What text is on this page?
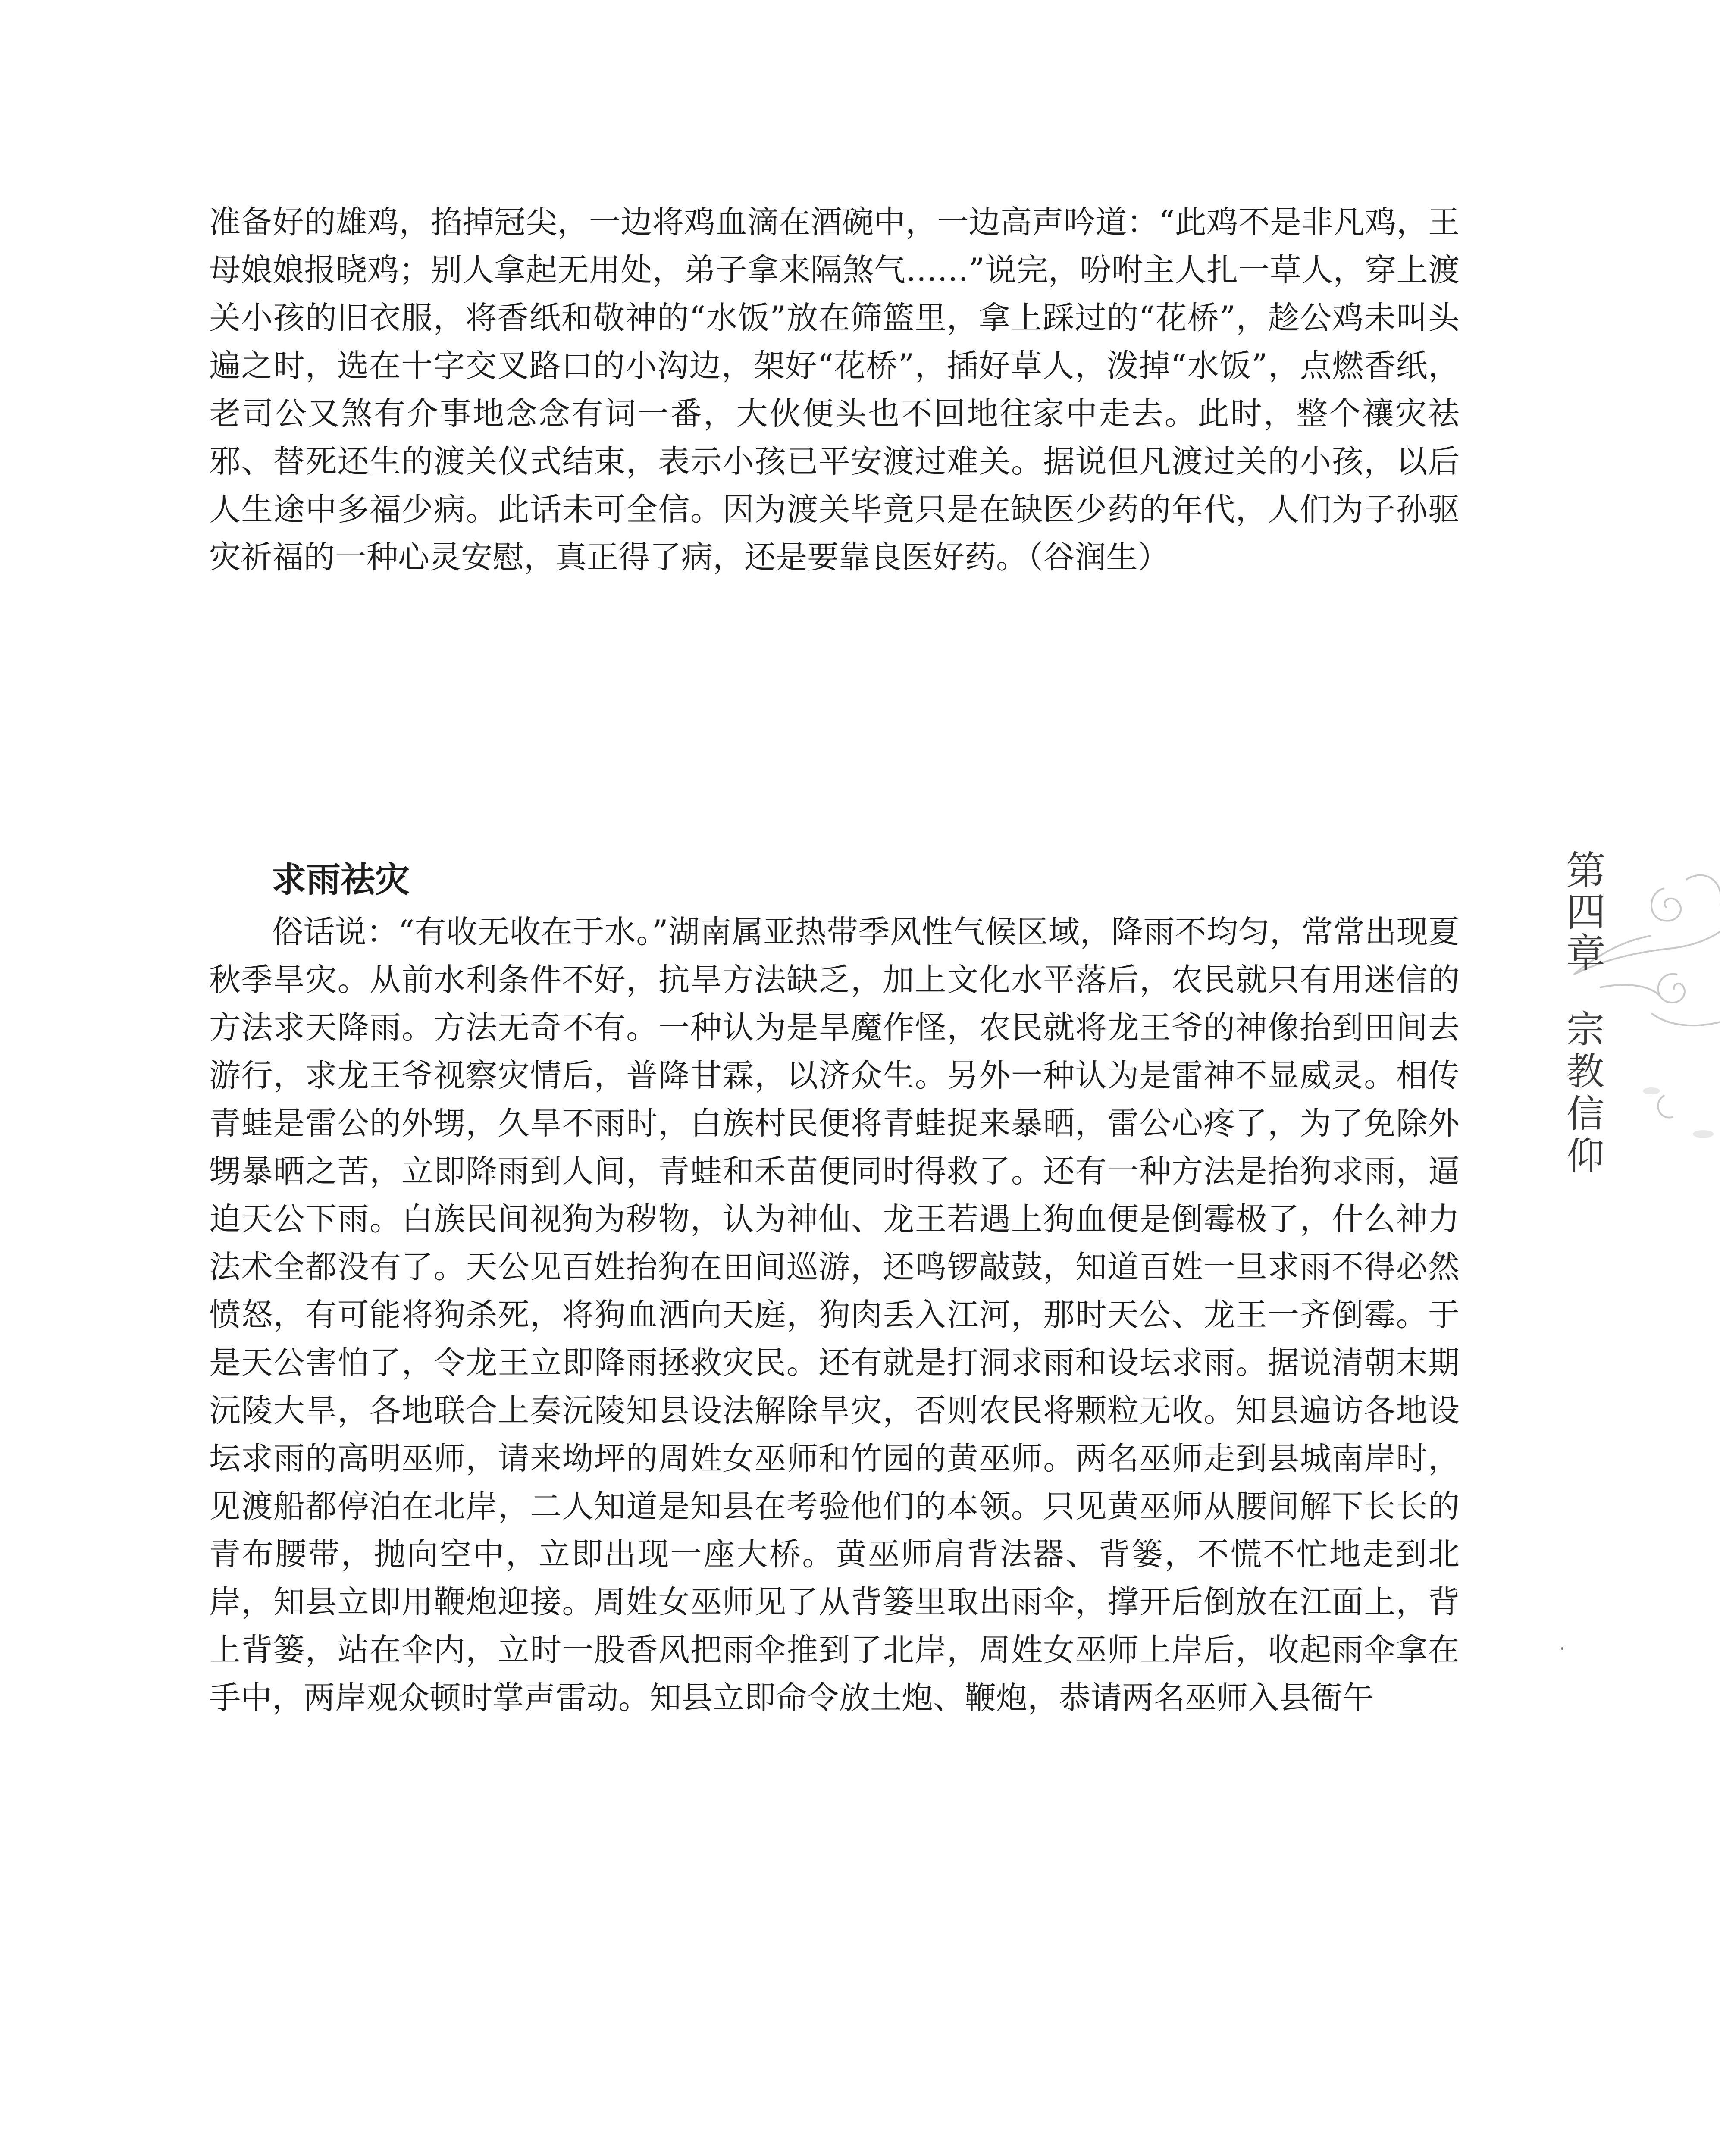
准备好的雄鸡，掐掉冠尖，一边将鸡血滴在酒碗中，一边高声吟道：“此鸡不是非凡鸡，王母娘娘报晓鸡；别人拿起无用处，弟子拿来隔煞气……”说完，吩咐主人扎一草人，穿上渡关小孩的旧衣服，将香纸和敬神的“水饭”放在筛篮里，拿上踩过的“花桥”，趁公鸡未叫头遍之时，选在十字交叉路口的小沟边，架好“花桥”，插好草人，泼掉“水饭”，点燃香纸，老司公又煞有介事地念念有词一番，大伙便头也不回地往家中走去。此时，整个禳灾祛邪、替死还生的渡关仪式结束，表示小孩已平安渡过难关。据说但凡渡过关的小孩，以后人生途中多福少病。此话未可全信。因为渡关毕竟只是在缺医少药的年代，人们为子孙驱灾祈福的一种心灵安慰，真正得了病，还是要靠良医好药。（谷润生）

求雨祛灾

俗话说：“有收无收在于水。”湖南属亚热带季风性气候区域，降雨不均匀，常常出现夏秋季旱灾。从前水利条件不好，抗旱方法缺乏，加上文化水平落后，农民就只有用迷信的方法求天降雨。方法无奇不有。一种认为是旱魔作怪，农民就将龙王爷的神像抬到田间去游行，求龙王爷视察灾情后，普降甘霖，以济众生。另外一种认为是雷神不显威灵。相传青蛙是雷公的外甥，久旱不雨时，白族村民便将青蛙捉来暴晒，雷公心疼了，为了免除外甥暴晒之苦，立即降雨到人间，青蛙和禾苗便同时得救了。还有一种方法是抬狗求雨，逼迫天公下雨。白族民间视狗为秽物，认为神仙、龙王若遇上狗血便是倒霉极了，什么神力法术全都没有了。天公见百姓抬狗在田间巡游，还鸣锣敲鼓，知道百姓一旦求雨不得必然愤怒，有可能将狗杀死，将狗血洒向天庭，狗肉丢入江河，那时天公、龙王一齐倒霉。于是天公害怕了，令龙王立即降雨拯救灾民。还有就是打洞求雨和设坛求雨。据说清朝末期沅陵大旱，各地联合上奏沅陵知县设法解除旱灾，否则农民将颗粒无收。知县遍访各地设坛求雨的高明巫师，请来坳坪的周姓女巫师和竹园的黄巫师。两名巫师走到县城南岸时，见渡船都停泊在北岸，二人知道是知县在考验他们的本领。只见黄巫师从腰间解下长长的青布腰带，抛向空中，立即出现一座大桥。黄巫师肩背法器、背篓，不慌不忙地走到北岸，知县立即用鞭炮迎接。周姓女巫师见了从背篓里取出雨伞，撑开后倒放在江面上，背上背篓，站在伞内，立时一股香风把雨伞推到了北岸，周姓女巫师上岸后，收起雨伞拿在手中，两岸观众顿时掌声雷动。知县立即命令放土炮、鞭炮，恭请两名巫师入县衙午

第四章
宗教信仰
